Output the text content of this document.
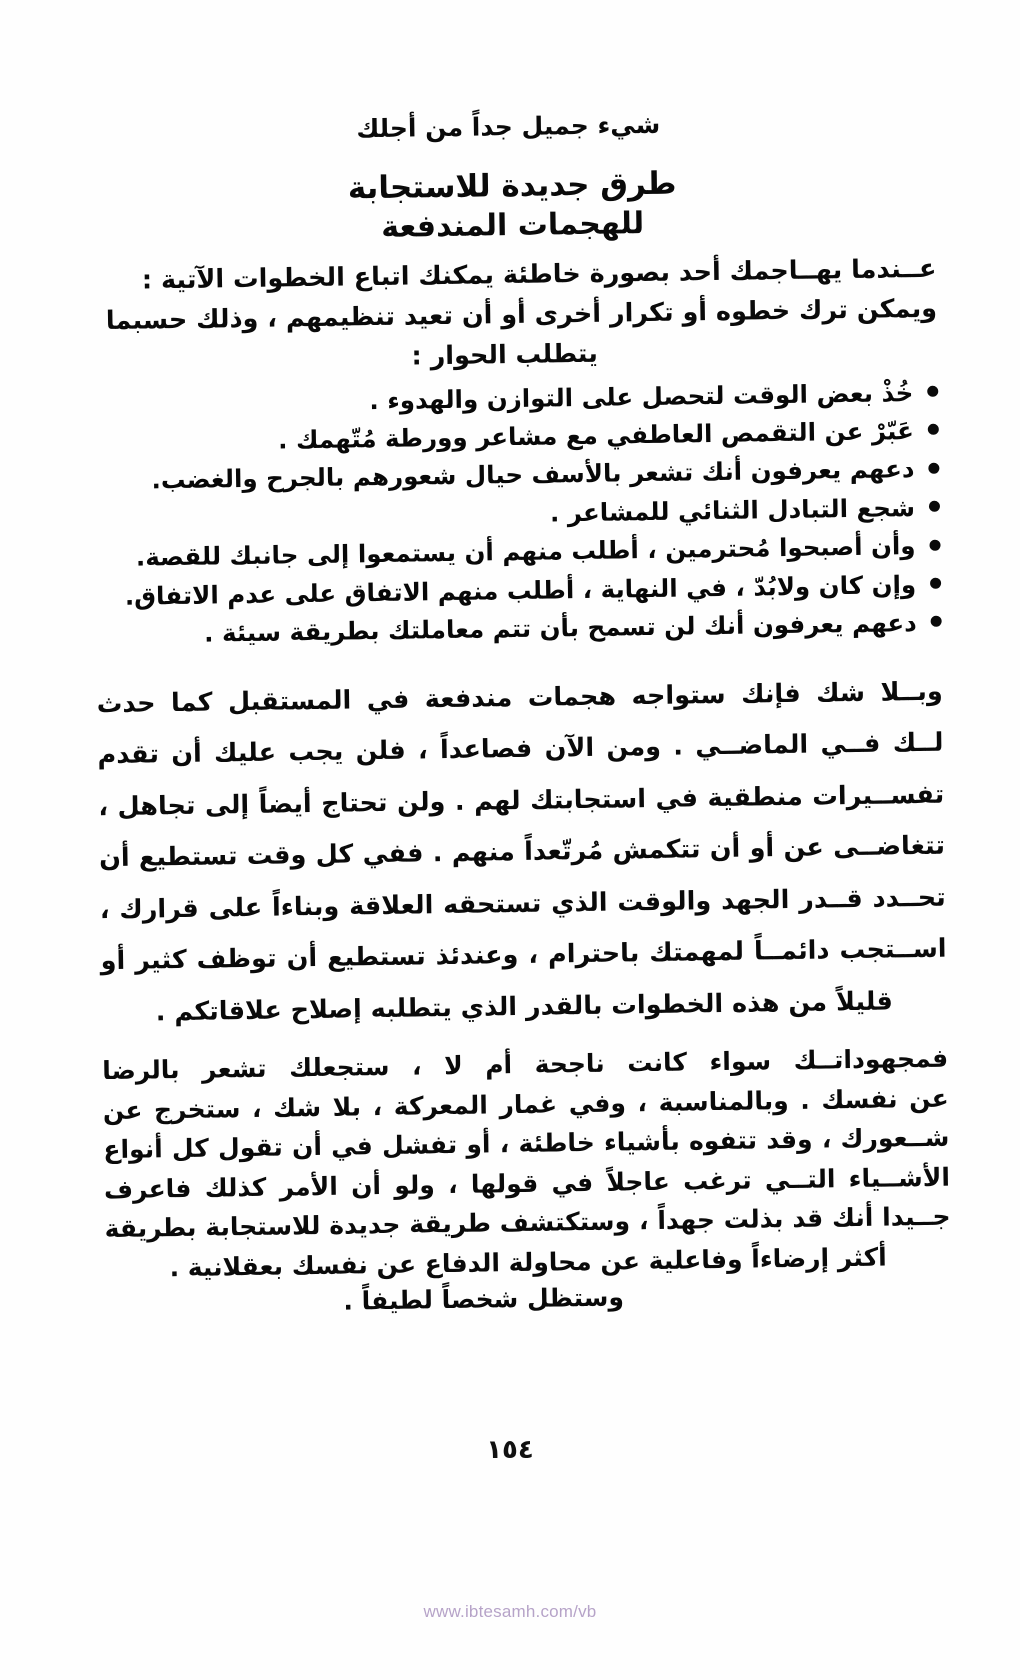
شيء جميل جداً من أجلك
طرق جديدة للاستجابة
للهجمات المندفعة
عــندما يهــاجمك أحد بصورة خاطئة يمكنك اتباع الخطوات الآتية :
ويمكن ترك خطوه أو تكرار أخرى أو أن تعيد تنظيمهم ، وذلك حسبما
يتطلب الحوار :
خُذْ بعض الوقت لتحصل على التوازن والهدوء .
عَبّرْ عن التقمص العاطفي مع مشاعر وورطة مُتّهمك .
دعهم يعرفون أنك تشعر بالأسف حيال شعورهم بالجرح والغضب.
شجع التبادل الثنائي للمشاعر .
وأن أصبحوا مُحترمين ، أطلب منهم أن يستمعوا إلى جانبك للقصة.
وإن كان ولابُدّ ، في النهاية ، أطلب منهم الاتفاق على عدم الاتفاق.
دعهم يعرفون أنك لن تسمح بأن تتم معاملتك بطريقة سيئة .
وبــلا شك فإنك ستواجه هجمات مندفعة في المستقبل كما حدث
لــك فــي الماضــي . ومن الآن فصاعداً ، فلن يجب عليك أن تقدم
تفســيرات منطقية في استجابتك لهم . ولن تحتاج أيضاً إلى تجاهل ،
تتغاضــى عن أو أن تتكمش مُرتّعداً منهم . ففي كل وقت تستطيع أن
تحــدد قــدر الجهد والوقت الذي تستحقه العلاقة وبناءاً على قرارك ،
اســتجب دائمــاً لمهمتك باحترام ، وعندئذ تستطيع أن توظف كثير أو
قليلاً من هذه الخطوات بالقدر الذي يتطلبه إصلاح علاقاتكم .
فمجهوداتــك سواء كانت ناجحة أم لا ، ستجعلك تشعر بالرضا
عن نفسك . وبالمناسبة ، وفي غمار المعركة ، بلا شك ، ستخرج عن
شــعورك ، وقد تتفوه بأشياء خاطئة ، أو تفشل في أن تقول كل أنواع
الأشــياء التــي ترغب عاجلاً في قولها ، ولو أن الأمر كذلك فاعرف
جــيدا أنك قد بذلت جهداً ، وستكتشف طريقة جديدة للاستجابة بطريقة
أكثر إرضاءاً وفاعلية عن محاولة الدفاع عن نفسك بعقلانية .
وستظل شخصاً لطيفاً .
١٥٤
www.ibtesamh.com/vb
